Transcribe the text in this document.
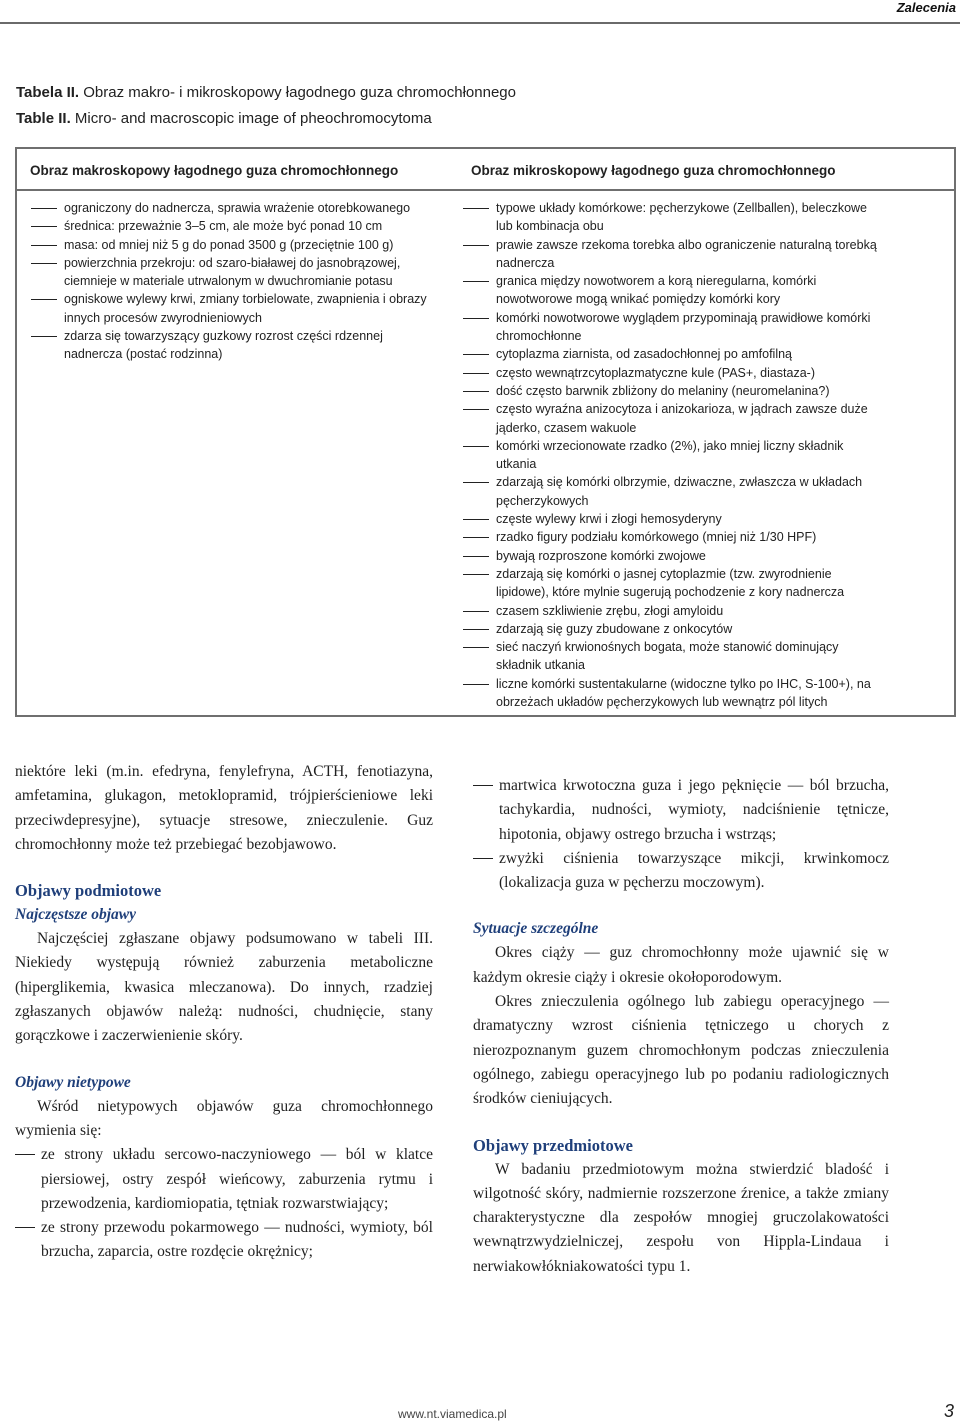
Zalecenia
Tabela II. Obraz makro- i mikroskopowy łagodnego guza chromochłonnego
Table II. Micro- and macroscopic image of pheochromocytoma
Obraz makroskopowy łagodnego guza chromochłonnego	Obraz mikroskopowy łagodnego guza chromochłonnego
ograniczony do nadnercza, sprawia wrażenie otorebkowanego
średnica: przeważnie 3–5 cm, ale może być ponad 10 cm
masa: od mniej niż 5 g do ponad 3500 g (przeciętnie 100 g)
powierzchnia przekroju: od szaro-białawej do jasnobrązowej, ciemnieje w materiale utrwalonym w dwuchromianie potasu
ogniskowe wylewy krwi, zmiany torbielowate, zwapnienia i obrazy innych procesów zwyrodnieniowych
zdarza się towarzyszący guzkowy rozrost części rdzennej nadnercza (postać rodzinna)
typowe układy komórkowe: pęcherzykowe (Zellballen), beleczkowe lub kombinacja obu
prawie zawsze rzekoma torebka albo ograniczenie naturalną torebką nadnercza
granica między nowotworem a korą nieregularna, komórki nowotworowe mogą wnikać pomiędzy komórki kory
komórki nowotworowe wyglądem przypominają prawidłowe komórki chromochłonne
cytoplazma ziarnista, od zasadochłonnej po amfofilną
często wewnątrzcytoplazmatyczne kule (PAS+, diastaza-)
dość często barwnik zbliżony do melaniny (neuromelanina?)
często wyraźna anizocytoza i anizokarioza, w jądrach zawsze duże jąderko, czasem wakuole
komórki wrzecionowate rzadko (2%), jako mniej liczny składnik utkania
zdarzają się komórki olbrzymie, dziwaczne, zwłaszcza w układach pęcherzykowych
częste wylewy krwi i złogi hemosyderyny
rzadko figury podziału komórkowego (mniej niż 1/30 HPF)
bywają rozproszone komórki zwojowe
zdarzają się komórki o jasnej cytoplazmie (tzw. zwyrodnienie lipidowe), które mylnie sugerują pochodzenie z kory nadnercza
czasem szkliwienie zrębu, złogi amyloidu
zdarzają się guzy zbudowane z onkocytów
sieć naczyń krwionośnych bogata, może stanowić dominujący składnik utkania
liczne komórki sustentakularne (widoczne tylko po IHC, S-100+), na obrzeżach układów pęcherzykowych lub wewnątrz pól litych

niektóre leki (m.in. efedryna, fenylefryna, ACTH, fenotiazyna, amfetamina, glukagon, metoklopramid, trójpierścieniowe leki przeciwdepresyjne), sytuacje stresowe, znieczulenie. Guz chromochłonny może też przebiegać bezobjawowo.

Objawy podmiotowe
Najczęstsze objawy

Najczęściej zgłaszane objawy podsumowano w tabeli III. Niekiedy występują również zaburzenia metaboliczne (hiperglikemia, kwasica mleczanowa). Do innych, rzadziej zgłaszanych objawów należą: nudności, chudnięcie, stany gorączkowe i zaczerwienienie skóry.

Objawy nietypowe

Wśród nietypowych objawów guza chromochłonnego wymienia się:

ze strony układu sercowo-naczyniowego — ból w klatce piersiowej, ostry zespół wieńcowy, zaburzenia rytmu i przewodzenia, kardiomiopatia, tętniak rozwarstwiający;
ze strony przewodu pokarmowego — nudności, wymioty, ból brzucha, zaparcia, ostre rozdęcie okrężnicy;
martwica krwotoczna guza i jego pęknięcie — ból brzucha, tachykardia, nudności, wymioty, nadciśnienie tętnicze, hipotonia, objawy ostrego brzucha i wstrząs;
zwyżki ciśnienia towarzyszące mikcji, krwinkomocz (lokalizacja guza w pęcherzu moczowym).
Sytuacje szczególne

Okres ciąży — guz chromochłonny może ujawnić się w każdym okresie ciąży i okresie okołoporodowym.

Okres znieczulenia ogólnego lub zabiegu operacyjnego — dramatyczny wzrost ciśnienia tętniczego u chorych z nierozpoznanym guzem chromochłonym podczas znieczulenia ogólnego, zabiegu operacyjnego lub po podaniu radiologicznych środków cieniujących.

Objawy przedmiotowe

W badaniu przedmiotowym można stwierdzić bladość i wilgotność skóry, nadmiernie rozszerzone źrenice, a także zmiany charakterystyczne dla zespołów mnogiej gruczolakowatości wewnątrzwydzielniczej, zespołu von Hippla-Lindaua i nerwiakowłókniakowatości typu 1.

www.nt.viamedica.pl	3
